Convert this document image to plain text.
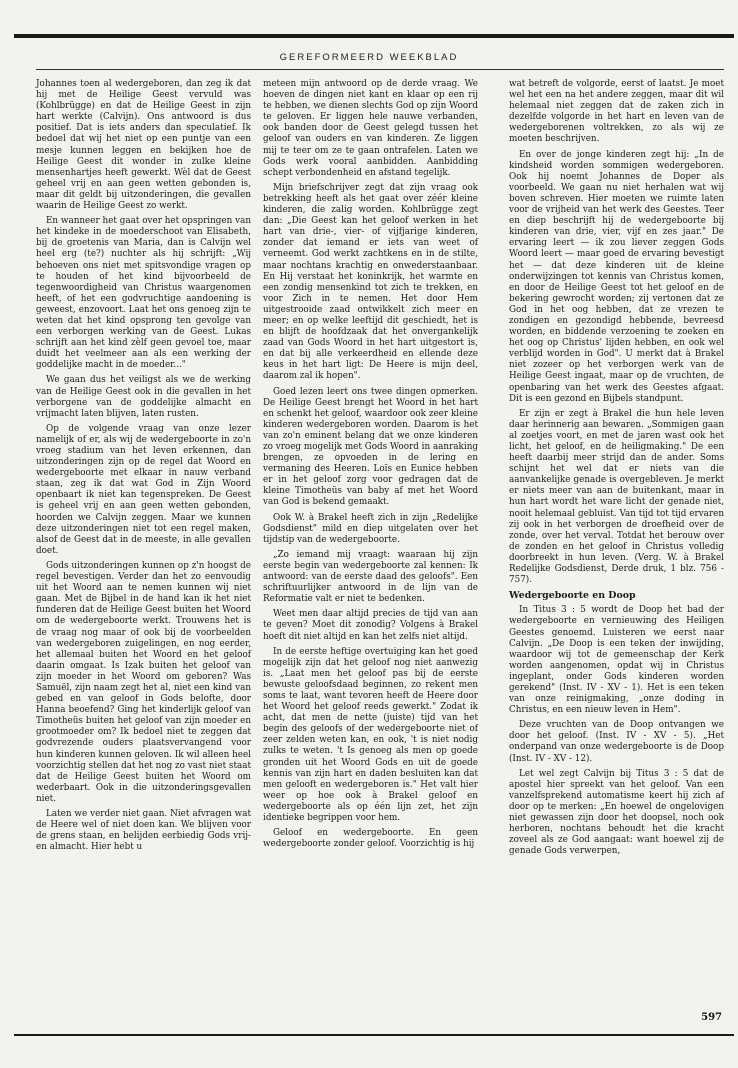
GEREFORMEERD WEEKBLAD

Johannes toen al wedergeboren, dan zeg ik dat hij met de Heilige Geest vervuld was (Kohlbrügge) en dat de Heilige Geest in zijn hart werkte (Calvijn). Ons antwoord is dus positief. Dat is iets anders dan speculatief. Ik bedoel dat wij het niet op een puntje van een mesje kunnen leggen en bekijken hoe de Heilige Geest dit wonder in zulke kleine mensenhartjes heeft gewerkt. Wèl dat de Geest geheel vrij en aan geen wetten gebonden is, maar dit geldt bij uitzonderingen, die gevallen waarin de Heilige Geest zo werkt.

En wanneer het gaat over het opspringen van het kindeke in de moederschoot van Elisabeth, bij de groetenis van Maria, dan is Calvijn wel heel erg (te?) nuchter als hij schrijft: „Wij behoeven ons niet met spitsvondige vragen op te houden of het kind bijvoorbeeld de tegenwoordigheid van Christus waargenomen heeft, of het een godvruchtige aandoening is geweest, enzovoort. Laat het ons genoeg zijn te weten dat het kind opsprong ten gevolge van een verborgen werking van de Geest. Lukas schrijft aan het kind zèlf geen gevoel toe, maar duidt het veelmeer aan als een werking der goddelijke macht in de moeder..."

We gaan dus het veiligst als we de werking van de Heilige Geest ook in die gevallen in het verborgene van de goddelijke almacht en vrijmacht laten blijven, laten rusten.

Op de volgende vraag van onze lezer namelijk of er, als wij de wedergeboorte in zo'n vroeg stadium van het leven erkennen, dan uitzonderingen zijn op de regel dat Woord en wedergeboorte met elkaar in nauw verband staan, zeg ik dat wat God in Zijn Woord openbaart ik niet kan tegenspreken. De Geest is geheel vrij en aan geen wetten gebonden, hoorden we Calvijn zeggen. Maar we kunnen deze uitzonderingen niet tot een regel maken, alsof de Geest dat in de meeste, in alle gevallen doet.

Gods uitzonderingen kunnen op z'n hoogst de regel bevestigen. Verder dan het zo eenvoudig uit het Woord aan te nemen kunnen wij niet gaan. Met de Bijbel in de hand kan ik het niet funderen dat de Heilige Geest buiten het Woord om de wedergeboorte werkt. Trouwens het is de vraag nog maar of ook bij de voorbeelden van wedergeboren zuigelingen, en nog eerder, het allemaal buiten het Woord en het geloof daarin omgaat. Is Izak buiten het geloof van zijn moeder in het Woord om geboren? Was Samuël, zijn naam zegt het al, niet een kind van gebed en van geloof in Gods belofte, door Hanna beoefend? Ging het kinderlijk geloof van Timotheüs buiten het geloof van zijn moeder en grootmoeder om? Ik bedoel niet te zeggen dat godvrezende ouders plaatsvervangend voor hun kinderen kunnen geloven. Ik wil alleen heel voorzichtig stellen dat het nog zo vast niet staat dat de Heilige Geest buiten het Woord om wederbaart. Ook in die uitzonderingsgevallen niet.

Laten we verder niet gaan. Niet afvragen wat de Heere wel of niet doen kan. We blijven voor de grens staan, en belijden eerbiedig Gods vrij- en almacht. Hier hebt u

meteen mijn antwoord op de derde vraag. We hoeven de dingen niet kant en klaar op een rij te hebben, we dienen slechts God op zijn Woord te geloven. Er liggen hele nauwe verbanden, ook banden door de Geest gelegd tussen het geloof van ouders en van kinderen. Ze liggen mij te teer om ze te gaan ontrafelen. Laten we Gods werk vooral aanbidden. Aanbidding schept verbondenheid en afstand tegelijk.

Mijn briefschrijver zegt dat zijn vraag ook betrekking heeft als het gaat over zéér kleine kinderen, die zalig worden. Kohlbrügge zegt dan: „Die Geest kan het geloof werken in het hart van drie-, vier- of vijfjarige kinderen, zonder dat iemand er iets van weet of verneemt. God werkt zachtkens en in de stilte, maar nochtans krachtig en onwederstaanbaar. En Hij verstaat het koninkrijk, het warmte en een zondig mensenkind tot zich te trekken, en voor Zich in te nemen. Het door Hem uitgestrooide zaad ontwikkelt zich meer en meer; en op welke leeftijd dit geschiedt, het is en blijft de hoofdzaak dat het onvergankelijk zaad van Gods Woord in het hart uitgestort is, en dat bij alle verkeerdheid en ellende deze keus in het hart ligt: De Heere is mijn deel, daarom zal ik hopen".

Goed lezen leert ons twee dingen opmerken. De Heilige Geest brengt het Woord in het hart en schenkt het geloof, waardoor ook zeer kleine kinderen wedergeboren worden. Daarom is het van zo'n eminent belang dat we onze kinderen zo vroeg mogelijk met Gods Woord in aanraking brengen, ze opvoeden in de lering en vermaning des Heeren. Loïs en Eunice hebben er in het geloof zorg voor gedragen dat de kleine Timotheüs van baby af met het Woord van God is bekend gemaakt.

Ook W. à Brakel heeft zich in zijn „Redelijke Godsdienst" mild en diep uitgelaten over het tijdstip van de wedergeboorte.

„Zo iemand mij vraagt: waaraan hij zijn eerste begin van wedergeboorte zal kennen: Ik antwoord: van de eerste daad des geloofs". Een schriftuurlijker antwoord in de lijn van de Reformatie valt er niet te bedenken.

Weet men daar altijd precies de tijd van aan te geven? Moet dit zonodig? Volgens à Brakel hoeft dit niet altijd en kan het zelfs niet altijd.

In de eerste heftige overtuiging kan het goed mogelijk zijn dat het geloof nog niet aanwezig is. „Laat men het geloof pas bij de eerste bewuste geloofsdaad beginnen, zo rekent men soms te laat, want tevoren heeft de Heere door het Woord het geloof reeds gewerkt." Zodat ik acht, dat men de nette (juiste) tijd van het begin des geloofs of der wedergeboorte niet of zeer zelden weten kan, en ook, 't is niet nodig zulks te weten. 't Is genoeg als men op goede gronden uit het Woord Gods en uit de goede kennis van zijn hart en daden besluiten kan dat men gelooft en wedergeboren is." Het valt hier weer op hoe ook à Brakel geloof en wedergeboorte als op één lijn zet, het zijn identieke begrippen voor hem.

Geloof en wedergeboorte. En geen wedergeboorte zonder geloof. Voorzichtig is hij

wat betreft de volgorde, eerst of laatst. Je moet wel het een na het andere zeggen, maar dit wil helemaal niet zeggen dat de zaken zich in dezelfde volgorde in het hart en leven van de wedergeborenen voltrekken, zo als wij ze moeten beschrijven.

En over de jonge kinderen zegt hij: „In de kindsheid worden sommigen wedergeboren. Ook hij noemt Johannes de Doper als voorbeeld. We gaan nu niet herhalen wat wij boven schreven. Hier moeten we ruimte laten voor de vrijheid van het werk des Geestes. Teer en diep beschrijft hij de wedergeboorte bij kinderen van drie, vier, vijf en zes jaar." De ervaring leert — ik zou liever zeggen Gods Woord leert — maar goed de ervaring bevestigt het — dat deze kinderen uit de kleine onderwijzingen tot kennis van Christus komen, en door de Heilige Geest tot het geloof en de bekering gewrocht worden; zij vertonen dat ze God in het oog hebben, dat ze vrezen te zondigen en gezondigd hebbende, bevreesd worden, en biddende verzoening te zoeken en het oog op Christus' lijden hebben, en ook wel verblijd worden in God". U merkt dat à Brakel niet zozeer op het verborgen werk van de Heilige Geest ingaat, maar op de vruchten, de openbaring van het werk des Geestes afgaat. Dit is een gezond en Bijbels standpunt.

Er zijn er zegt à Brakel die hun hele leven daar herinnerig aan bewaren. „Sommigen gaan al zoetjes voort, en met de jaren wast ook het licht, het geloof, en de heiligmaking." De een heeft daarbij meer strijd dan de ander. Soms schijnt het wel dat er niets van die aanvankelijke genade is overgebleven. Je merkt er niets meer van aan de buitenkant, maar in hun hart wordt het ware licht der genade niet, nooit helemaal gebluist. Van tijd tot tijd ervaren zij ook in het verborgen de droefheid over de zonde, over het verval. Totdat het berouw over de zonden en het geloof in Christus volledig doorbreekt in hun leven. (Verg. W. à Brakel Redelijke Godsdienst, Derde druk, 1 blz. 756 - 757).

Wedergeboorte en Doop

In Titus 3 : 5 wordt de Doop het bad der wedergeboorte en vernieuwing des Heiligen Geestes genoemd. Luisteren we eerst naar Calvijn. „De Doop is een teken der inwijding, waardoor wij tot de gemeenschap der Kerk worden aangenomen, opdat wij in Christus ingeplant, onder Gods kinderen worden gerekend" (Inst. IV - XV - 1). Het is een teken van onze reinigmaking, „onze doding in Christus, en een nieuw leven in Hem".

Deze vruchten van de Doop ontvangen we door het geloof. (Inst. IV - XV - 5). „Het onderpand van onze wedergeboorte is de Doop (Inst. IV - XV - 12).

Let wel zegt Calvijn bij Titus 3 : 5 dat de apostel hier spreekt van het geloof. Van een vanzelfsprekend automatisme keert hij zich af door op te merken: „En hoewel de ongelovigen niet gewassen zijn door het doopsel, noch ook herboren, nochtans behoudt het die kracht zoveel als ze God aangaat: want hoewel zij de genade Gods verwerpen,

597
